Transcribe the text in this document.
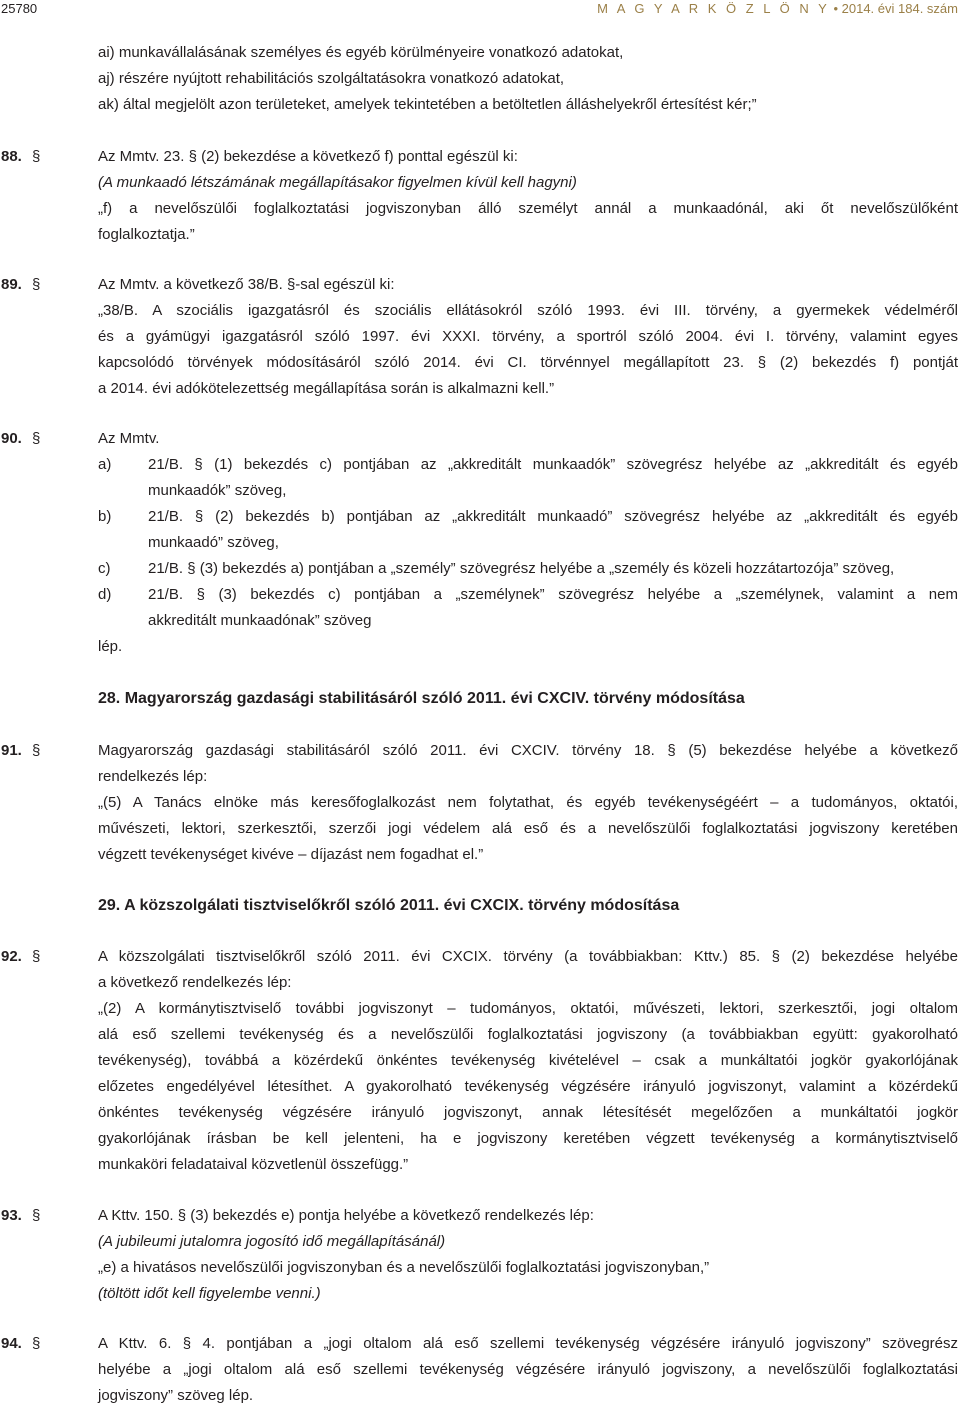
25780	M A G Y A R K Ö Z L Ö N Y • 2014. évi 184. szám
ai) munkavállalásának személyes és egyéb körülményeire vonatkozó adatokat,
aj) részére nyújtott rehabilitációs szolgáltatásokra vonatkozó adatokat,
ak) által megjelölt azon területeket, amelyek tekintetében a betöltetlen álláshelyekről értesítést kér;”
88. §	Az Mmtv. 23. § (2) bekezdése a következő f) ponttal egészül ki:
(A munkaadó létszámának megállapításakor figyelmen kívül kell hagyni)
„f) a nevelőszülői foglalkoztatási jogviszonyban álló személyt annál a munkaadónál, aki őt nevelőszülőként
foglalkoztatja.”
89. §	Az Mmtv. a következő 38/B. §-sal egészül ki:
„38/B. A szociális igazgatásról és szociális ellátásokról szóló 1993. évi III. törvény, a gyermekek védelméről
és a gyámügyi igazgatásról szóló 1997. évi XXXI. törvény, a sportról szóló 2004. évi I. törvény, valamint egyes
kapcsolódó törvények módosításáról szóló 2014. évi CI. törvénnyel megállapított 23. § (2) bekezdés f) pontját
a 2014. évi adókötelezettség megállapítása során is alkalmazni kell.”
90. §	Az Mmtv.
a)	21/B. § (1) bekezdés c) pontjában az „akkreditált munkaadók” szövegrész helyébe az „akkreditált és egyéb
munkaadók” szöveg,
b)	21/B. § (2) bekezdés b) pontjában az „akkreditált munkaadó” szövegrész helyébe az „akkreditált és egyéb
munkaadó” szöveg,
c)	21/B. § (3) bekezdés a) pontjában a „személy” szövegrész helyébe a „személy és közeli hozzátartozója” szöveg,
d)	21/B. § (3) bekezdés c) pontjában a „személynek” szövegrész helyébe a „személynek, valamint a nem
akkreditált munkaadónak” szöveg
lép.
28. Magyarország gazdasági stabilitásáról szóló 2011. évi CXCIV. törvény módosítása
91. §	Magyarország gazdasági stabilitásáról szóló 2011. évi CXCIV. törvény 18. § (5) bekezdése helyébe a következő
rendelkezés lép:
„(5) A Tanács elnöke más keresőfoglalkozást nem folytathat, és egyéb tevékenységéért – a tudományos, oktatói,
művészeti, lektori, szerkesztői, szerzői jogi védelem alá eső és a nevelőszülői foglalkoztatási jogviszony keretében
végzett tevékenységet kivéve – díjazást nem fogadhat el.”
29. A közszolgálati tisztviselőkről szóló 2011. évi CXCIX. törvény módosítása
92. §	A közszolgálati tisztviselőkről szóló 2011. évi CXCIX. törvény (a továbbiakban: Kttv.) 85. § (2) bekezdése helyébe
a következő rendelkezés lép:
„(2) A kormánytisztviselő további jogviszonyt – tudományos, oktatói, művészeti, lektori, szerkesztői, jogi oltalom
alá eső szellemi tevékenység és a nevelőszülői foglalkoztatási jogviszony (a továbbiakban együtt: gyakorolható
tevékenység), továbbá a közérdekű önkéntes tevékenység kivételével – csak a munkáltatói jogkör gyakorlójának
előzetes engedélyével létesíthet. A gyakorolható tevékenység végzésére irányuló jogviszonyt, valamint a közérdekű
önkéntes tevékenység végzésére irányuló jogviszonyt, annak létesítését megelőzően a munkáltatói jogkör
gyakorlójának írásban be kell jelenteni, ha e jogviszony keretében végzett tevékenység a kormánytisztviselő
munkaköri feladataival közvetlenül összefügg.”
93. §	A Kttv. 150. § (3) bekezdés e) pontja helyébe a következő rendelkezés lép:
(A jubileumi jutalomra jogosító idő megállapításánál)
„e) a hivatásos nevelőszülői jogviszonyban és a nevelőszülői foglalkoztatási jogviszonyban,”
(töltött időt kell figyelembe venni.)
94. §	A Kttv. 6. § 4. pontjában a „jogi oltalom alá eső szellemi tevékenység végzésére irányuló jogviszony” szövegrész
helyébe a „jogi oltalom alá eső szellemi tevékenység végzésére irányuló jogviszony, a nevelőszülői foglalkoztatási
jogviszony” szöveg lép.
